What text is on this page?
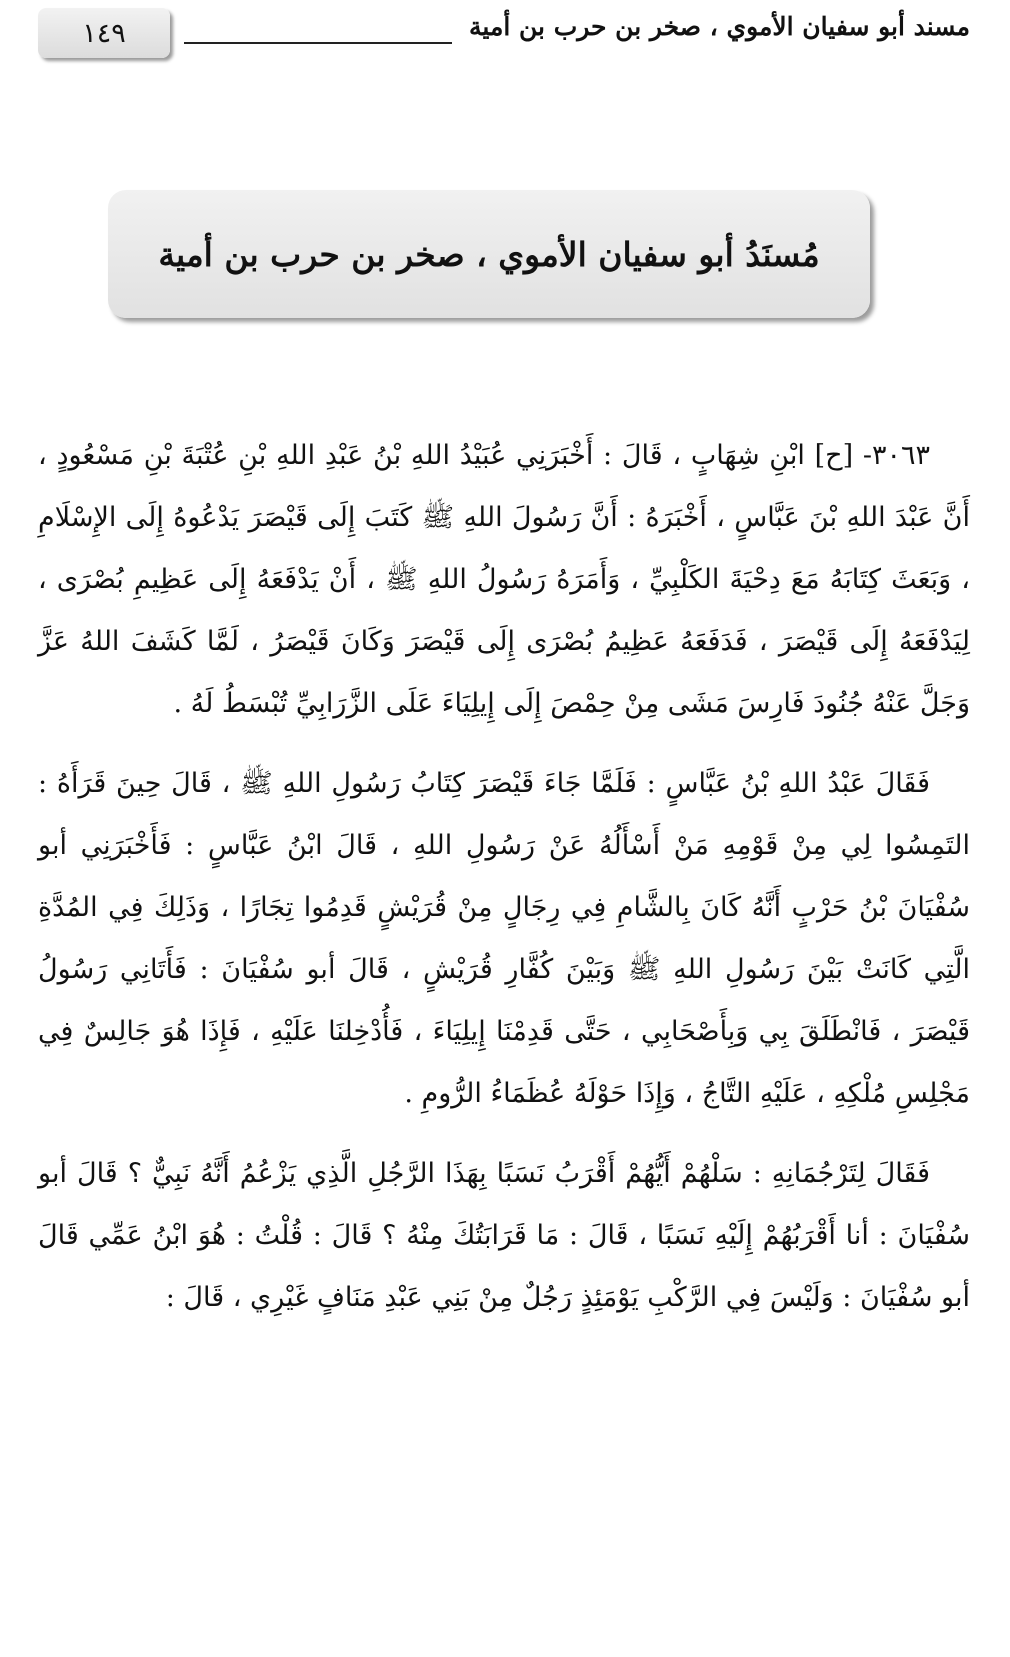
١٤٩	مسند أبو سفيان الأموي ، صخر بن حرب بن أمية
مُسنَدُ أبو سفيان الأموي ، صخر بن حرب بن أمية

٣٠٦٣- [ح] ابْنِ شِهَابٍ ، قَالَ : أَخْبَرَنِي عُبَيْدُ اللهِ بْنُ عَبْدِ اللهِ بْنِ عُتْبَةَ بْنِ مَسْعُودٍ ، أَنَّ عَبْدَ اللهِ بْنَ عَبَّاسٍ ، أَخْبَرَهُ : أَنَّ رَسُولَ اللهِ ﷺ كَتَبَ إِلَى قَيْصَرَ يَدْعُوهُ إِلَى الإِسْلَامِ ، وَبَعَثَ كِتَابَهُ مَعَ دِحْيَةَ الكَلْبِيِّ ، وَأَمَرَهُ رَسُولُ اللهِ ﷺ ، أَنْ يَدْفَعَهُ إِلَى عَظِيمِ بُصْرَى ، لِيَدْفَعَهُ إِلَى قَيْصَرَ ، فَدَفَعَهُ عَظِيمُ بُصْرَى إِلَى قَيْصَرَ وَكَانَ قَيْصَرُ ، لَمَّا كَشَفَ اللهُ عَزَّ وَجَلَّ عَنْهُ جُنُودَ فَارِسَ مَشَى مِنْ حِمْصَ إِلَى إِيلِيَاءَ عَلَى الزَّرَابِيِّ تُبْسَطُ لَهُ .

فَقَالَ عَبْدُ اللهِ بْنُ عَبَّاسٍ : فَلَمَّا جَاءَ قَيْصَرَ كِتَابُ رَسُولِ اللهِ ﷺ ، قَالَ حِينَ قَرَأَهُ : التَمِسُوا لِي مِنْ قَوْمِهِ مَنْ أَسْأَلُهُ عَنْ رَسُولِ اللهِ ، قَالَ ابْنُ عَبَّاسٍ : فَأَخْبَرَنِي أبو سُفْيَانَ بْنُ حَرْبٍ أَنَّهُ كَانَ بِالشَّامِ فِي رِجَالٍ مِنْ قُرَيْشٍ قَدِمُوا تِجَارًا ، وَذَلِكَ فِي المُدَّةِ الَّتِي كَانَتْ بَيْنَ رَسُولِ اللهِ ﷺ وَبَيْنَ كُفَّارِ قُرَيْشٍ ، قَالَ أبو سُفْيَانَ : فَأَتَانِي رَسُولُ قَيْصَرَ ، فَانْطَلَقَ بِي وَبِأَصْحَابِي ، حَتَّى قَدِمْنَا إِيلِيَاءَ ، فَأُدْخِلنَا عَلَيْهِ ، فَإِذَا هُوَ جَالِسٌ فِي مَجْلِسِ مُلْكِهِ ، عَلَيْهِ التَّاجُ ، وَإِذَا حَوْلَهُ عُظَمَاءُ الرُّومِ .

فَقَالَ لِتَرْجُمَانِهِ : سَلْهُمْ أَيُّهُمْ أَقْرَبُ نَسَبًا بِهَذَا الرَّجُلِ الَّذِي يَزْعُمُ أَنَّهُ نَبِيٌّ ؟ قَالَ أبو سُفْيَانَ : أنا أَقْرَبُهُمْ إِلَيْهِ نَسَبًا ، قَالَ : مَا قَرَابَتُكَ مِنْهُ ؟ قَالَ : قُلْتُ : هُوَ ابْنُ عَمِّي قَالَ أبو سُفْيَانَ : وَلَيْسَ فِي الرَّكْبِ يَوْمَئِذٍ رَجُلٌ مِنْ بَنِي عَبْدِ مَنَافٍ غَيْرِي ، قَالَ :
